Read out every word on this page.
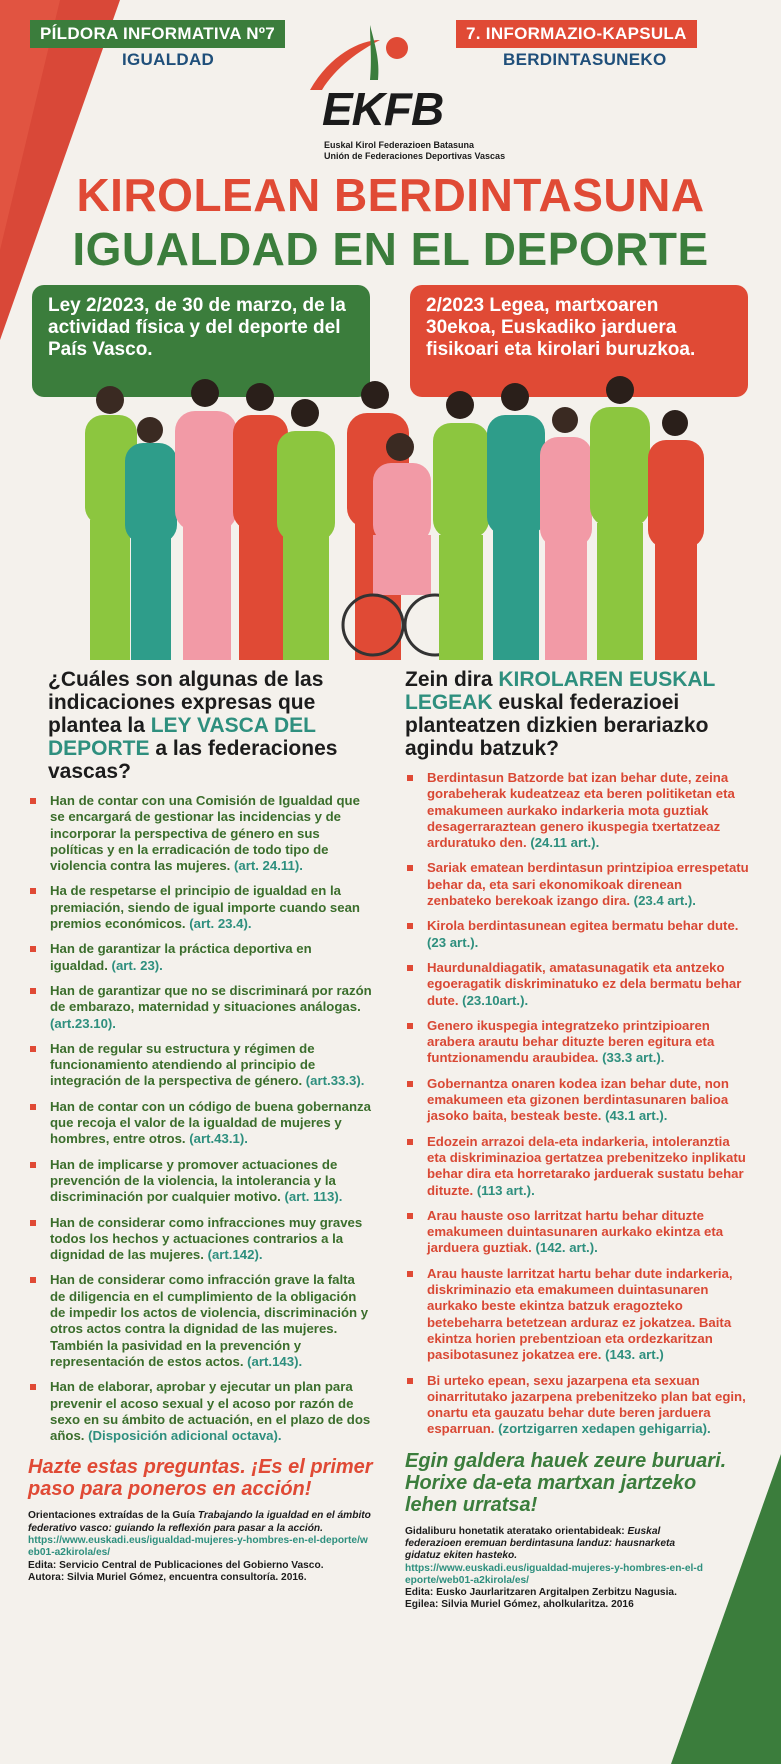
PÍLDORA INFORMATIVA Nº7
IGUALDAD
7. INFORMAZIO-KAPSULA
BERDINTASUNEKO
EKFB
Euskal Kirol Federazioen Batasuna
Unión de Federaciones Deportivas Vascas
KIROLEAN BERDINTASUNA
IGUALDAD EN EL DEPORTE
Ley 2/2023, de 30 de marzo, de la actividad física y del deporte del País Vasco.
2/2023 Legea, martxoaren 30ekoa, Euskadiko jarduera fisikoari eta kirolari buruzkoa.

¿Cuáles son algunas de las indicaciones expresas que plantea la LEY VASCA DEL DEPORTE a las federaciones vascas?

Han de contar con una Comisión de Igualdad que se encargará de gestionar las incidencias y de incorporar la perspectiva de género en sus políticas y en la erradicación de todo tipo de violencia contra las mujeres. (art. 24.11).
Ha de respetarse el principio de igualdad en la premiación, siendo de igual importe cuando sean premios económicos. (art. 23.4).
Han de garantizar la práctica deportiva en igualdad. (art. 23).
Han de garantizar que no se discriminará por razón de embarazo, maternidad y situaciones análogas. (art.23.10).
Han de regular su estructura y régimen de funcionamiento atendiendo al principio de integración de la perspectiva de género. (art.33.3).
Han de contar con un código de buena gobernanza que recoja el valor de la igualdad de mujeres y hombres, entre otros. (art.43.1).
Han de implicarse y promover actuaciones de prevención de la violencia, la intolerancia y la discriminación por cualquier motivo. (art. 113).
Han de considerar como infracciones muy graves todos los hechos y actuaciones contrarios a la dignidad de las mujeres. (art.142).
Han de considerar como infracción grave la falta de diligencia en el cumplimiento de la obligación de impedir los actos de violencia, discriminación y otros actos contra la dignidad de las mujeres. También la pasividad en la prevención y representación de estos actos. (art.143).
Han de elaborar, aprobar y ejecutar un plan para prevenir el acoso sexual y el acoso por razón de sexo en su ámbito de actuación, en el plazo de dos años. (Disposición adicional octava).
Hazte estas preguntas. ¡Es el primer paso para poneros en acción!
Orientaciones extraídas de la Guía Trabajando la igualdad en el ámbito federativo vasco: guiando la reflexión para pasar a la acción.
https://www.euskadi.eus/igualdad-mujeres-y-hombres-en-el-deporte/web01-a2kirola/es/
Edita: Servicio Central de Publicaciones del Gobierno Vasco.
Autora: Silvia Muriel Gómez, encuentra consultoría. 2016.

Zein dira KIROLAREN EUSKAL LEGEAK euskal federazioei planteatzen dizkien berariazko agindu batzuk?

Berdintasun Batzorde bat izan behar dute, zeina gorabeherak kudeatzeaz eta beren politiketan eta emakumeen aurkako indarkeria mota guztiak desagerraraztean genero ikuspegia txertatzeaz arduratuko den. (24.11 art.).
Sariak ematean berdintasun printzipioa errespetatu behar da, eta sari ekonomikoak direnean zenbateko berekoak izango dira. (23.4 art.).
Kirola berdintasunean egitea bermatu behar dute. (23 art.).
Haurdunaldiagatik, amatasunagatik eta antzeko egoeragatik diskriminatuko ez dela bermatu behar dute. (23.10art.).
Genero ikuspegia integratzeko printzipioaren arabera arautu behar dituzte beren egitura eta funtzionamendu araubidea. (33.3 art.).
Gobernantza onaren kodea izan behar dute, non emakumeen eta gizonen berdintasunaren balioa jasoko baita, besteak beste. (43.1 art.).
Edozein arrazoi dela-eta indarkeria, intoleranztia eta diskriminazioa gertatzea prebenitzeko inplikatu behar dira eta horretarako jarduerak sustatu behar dituzte. (113 art.).
Arau hauste oso larritzat hartu behar dituzte emakumeen duintasunaren aurkako ekintza eta jarduera guztiak. (142. art.).
Arau hauste larritzat hartu behar dute indarkeria, diskriminazio eta emakumeen duintasunaren aurkako beste ekintza batzuk eragozteko betebeharra betetzean arduraz ez jokatzea. Baita ekintza horien prebentzioan eta ordezkaritzan pasibotasunez jokatzea ere. (143. art.)
Bi urteko epean, sexu jazarpena eta sexuan oinarritutako jazarpena prebenitzeko plan bat egin, onartu eta gauzatu behar dute beren jarduera esparruan. (zortzigarren xedapen gehigarria).
Egin galdera hauek zeure buruari. Horixe da-eta martxan jartzeko lehen urratsa!
Gidaliburu honetatik ateratako orientabideak: Euskal federazioen eremuan berdintasuna landuz: hausnarketa gidatuz ekiten hasteko.
https://www.euskadi.eus/igualdad-mujeres-y-hombres-en-el-deporte/web01-a2kirola/es/
Edita: Eusko Jaurlaritzaren Argitalpen Zerbitzu Nagusia.
Egilea: Silvia Muriel Gómez, aholkularitza. 2016
